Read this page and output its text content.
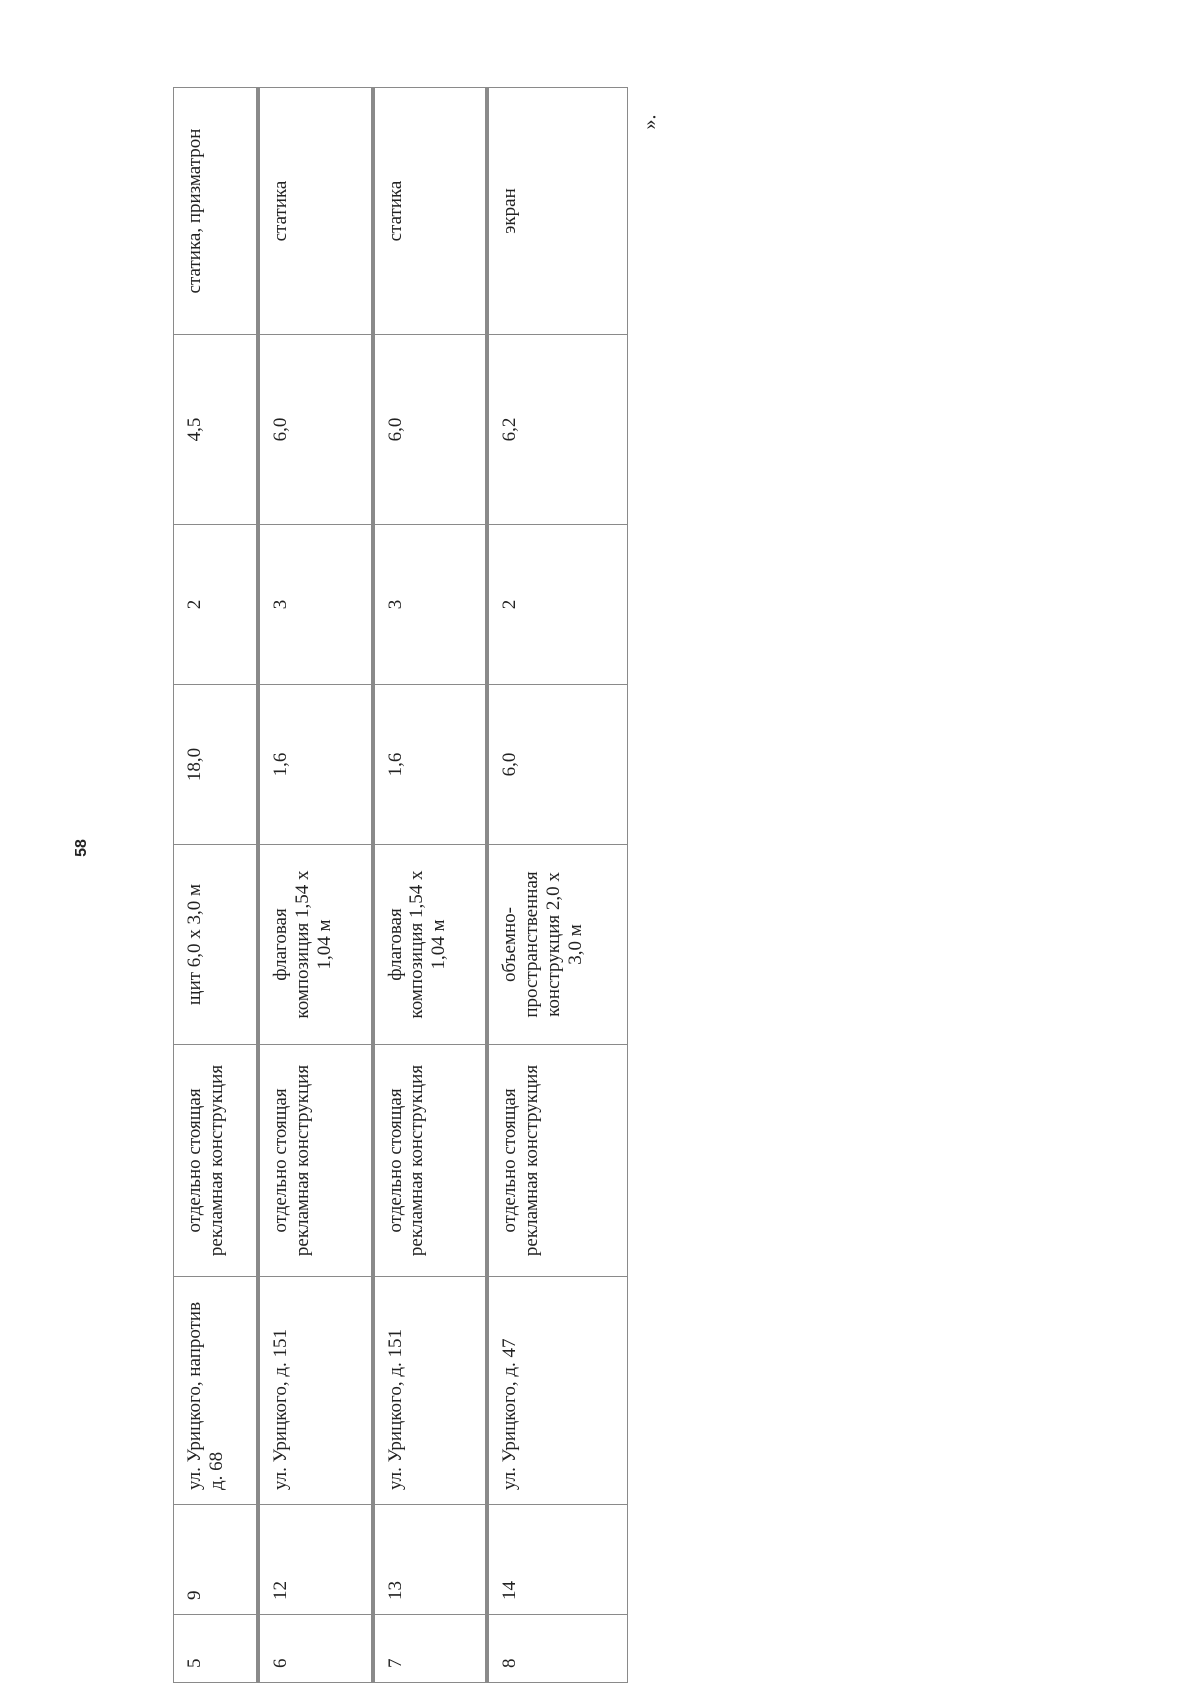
58
5	9	ул. Урицкого, напротив д. 68	отдельно стоящая рекламная конструкция	щит 6,0 х 3,0 м	18,0	2	4,5	статика, призматрон
6	12	ул. Урицкого, д. 151	отдельно стоящая рекламная конструкция	флаговая композиция 1,54 х 1,04 м	1,6	3	6,0	статика
7	13	ул. Урицкого, д. 151	отдельно стоящая рекламная конструкция	флаговая композиция 1,54 х 1,04 м	1,6	3	6,0	статика
8	14	ул. Урицкого, д. 47	отдельно стоящая рекламная конструкция	объемно-пространственная конструкция 2,0 х 3,0 м	6,0	2	6,2	экран
».
